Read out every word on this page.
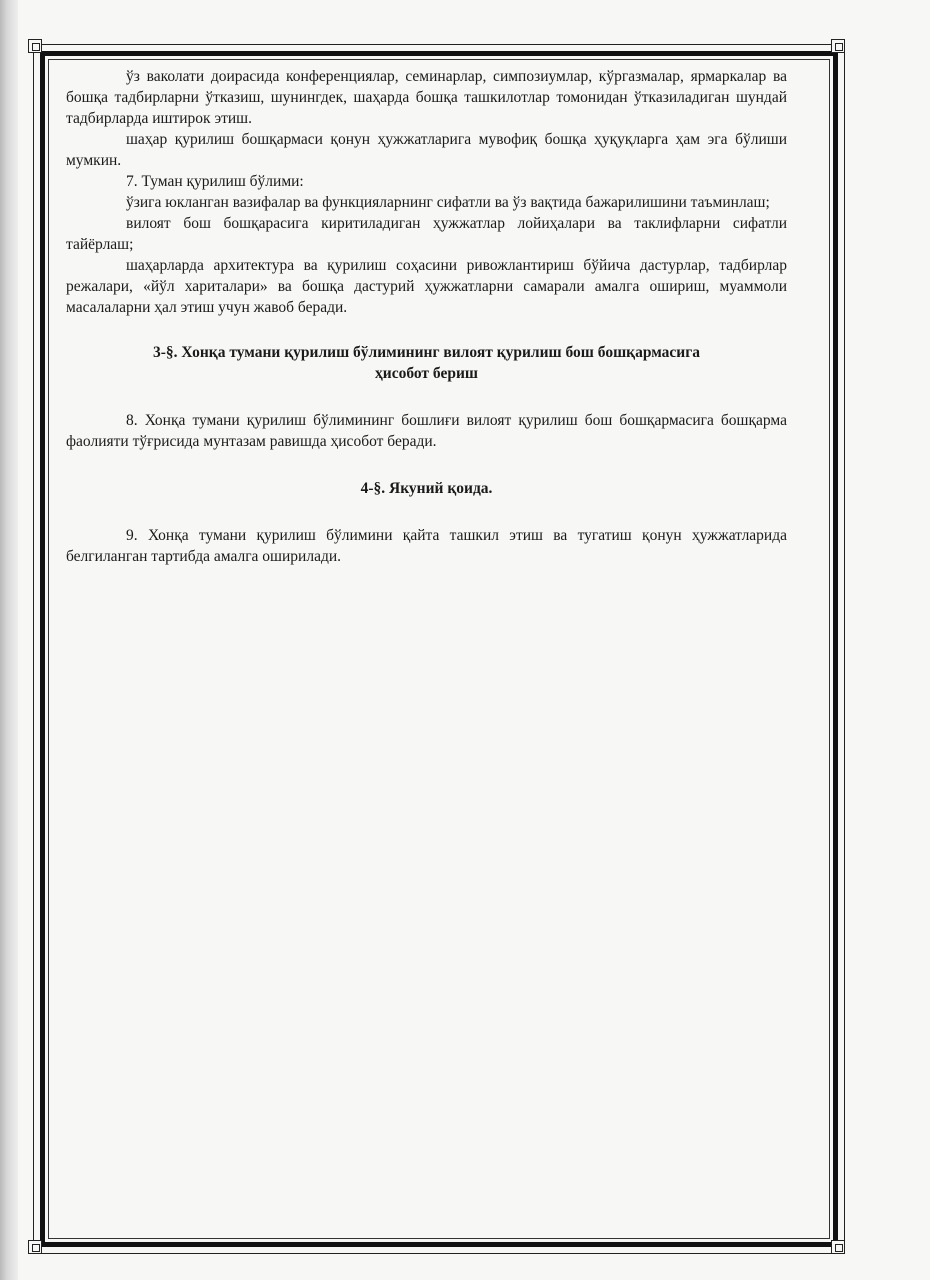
ўз ваколати доирасида конференциялар, семинарлар, симпозиумлар, кўргазмалар, ярмаркалар ва бошқа тадбирларни ўтказиш, шунингдек, шаҳарда бошқа ташкилотлар томонидан ўтказиладиган шундай тадбирларда иштирок этиш.

шаҳар қурилиш бошқармаси қонун ҳужжатларига мувофиқ бошқа ҳуқуқларга ҳам эга бўлиши мумкин.

7. Туман қурилиш бўлими:

ўзига юкланган вазифалар ва функцияларнинг сифатли ва ўз вақтида бажарилишини таъминлаш;

вилоят бош бошқарасига киритиладиган ҳужжатлар лойиҳалари ва таклифларни сифатли тайёрлаш;

шаҳарларда архитектура ва қурилиш соҳасини ривожлантириш бўйича дастурлар, тадбирлар режалари, «йўл хариталари» ва бошқа дастурий ҳужжатларни самарали амалга ошириш, муаммоли масалаларни ҳал этиш учун жавоб беради.

3-§. Хонқа тумани қурилиш бўлимининг вилоят қурилиш бош бошқармасига
ҳисобот бериш

8. Хонқа тумани қурилиш бўлимининг бошлиғи вилоят қурилиш бош бошқармасига бошқарма фаолияти тўғрисида мунтазам равишда ҳисобот беради.

4-§. Якуний қоида.

9. Хонқа тумани қурилиш бўлимини қайта ташкил этиш ва тугатиш қонун ҳужжатларида белгиланган тартибда амалга оширилади.
